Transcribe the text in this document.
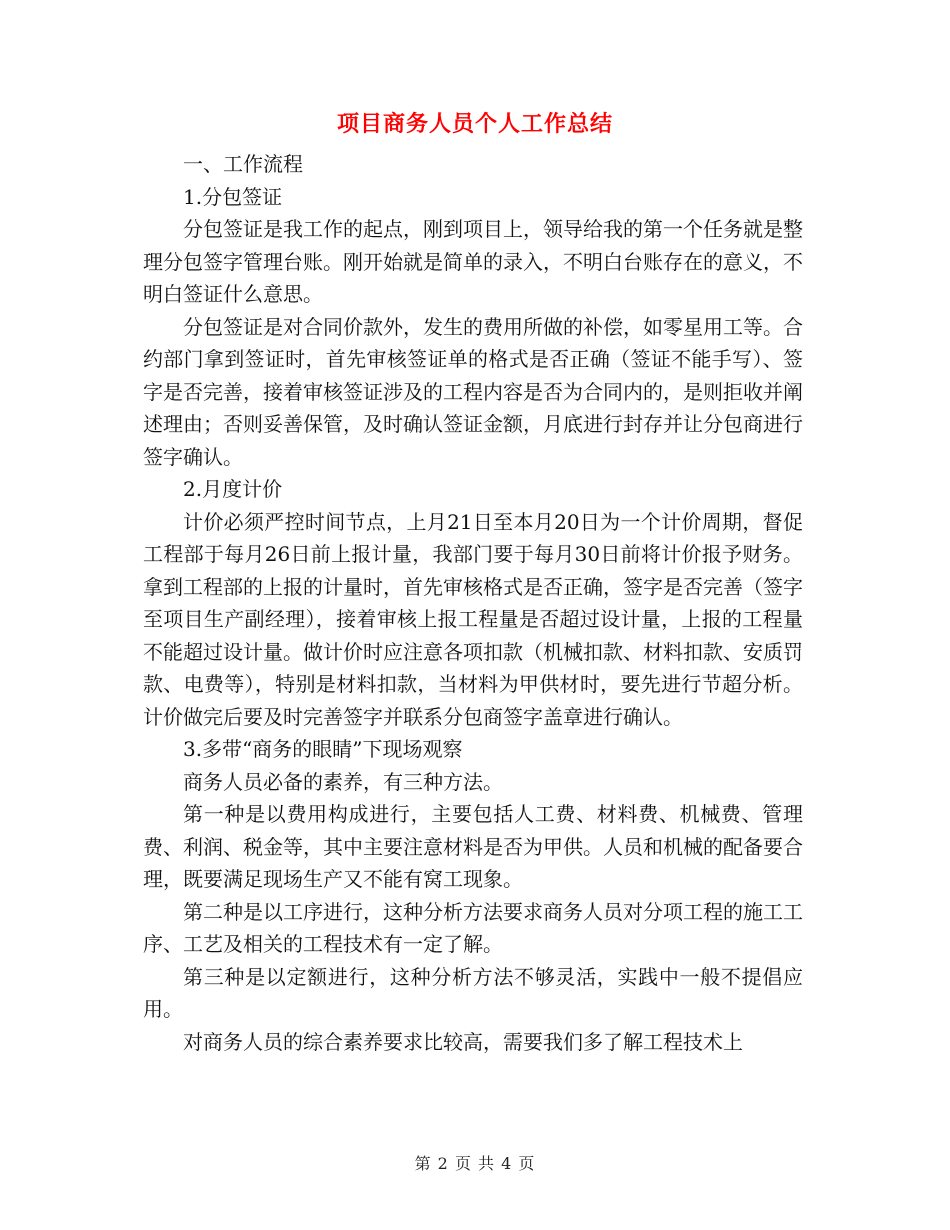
项目商务人员个人工作总结

一、工作流程

1.分包签证

分包签证是我工作的起点，刚到项目上，领导给我的第一个任务就是整理分包签字管理台账。刚开始就是简单的录入，不明白台账存在的意义，不明白签证什么意思。

分包签证是对合同价款外，发生的费用所做的补偿，如零星用工等。合约部门拿到签证时，首先审核签证单的格式是否正确（签证不能手写）、签字是否完善，接着审核签证涉及的工程内容是否为合同内的，是则拒收并阐述理由；否则妥善保管，及时确认签证金额，月底进行封存并让分包商进行签字确认。

2.月度计价

计价必须严控时间节点，上月21日至本月20日为一个计价周期，督促工程部于每月26日前上报计量，我部门要于每月30日前将计价报予财务。拿到工程部的上报的计量时，首先审核格式是否正确，签字是否完善（签字至项目生产副经理），接着审核上报工程量是否超过设计量，上报的工程量不能超过设计量。做计价时应注意各项扣款（机械扣款、材料扣款、安质罚款、电费等），特别是材料扣款，当材料为甲供材时，要先进行节超分析。计价做完后要及时完善签字并联系分包商签字盖章进行确认。

3.多带“商务的眼睛”下现场观察

商务人员必备的素养，有三种方法。

第一种是以费用构成进行，主要包括人工费、材料费、机械费、管理费、利润、税金等，其中主要注意材料是否为甲供。人员和机械的配备要合理，既要满足现场生产又不能有窝工现象。

第二种是以工序进行，这种分析方法要求商务人员对分项工程的施工工序、工艺及相关的工程技术有一定了解。

第三种是以定额进行，这种分析方法不够灵活，实践中一般不提倡应用。

对商务人员的综合素养要求比较高，需要我们多了解工程技术上

第 2 页 共 4 页
